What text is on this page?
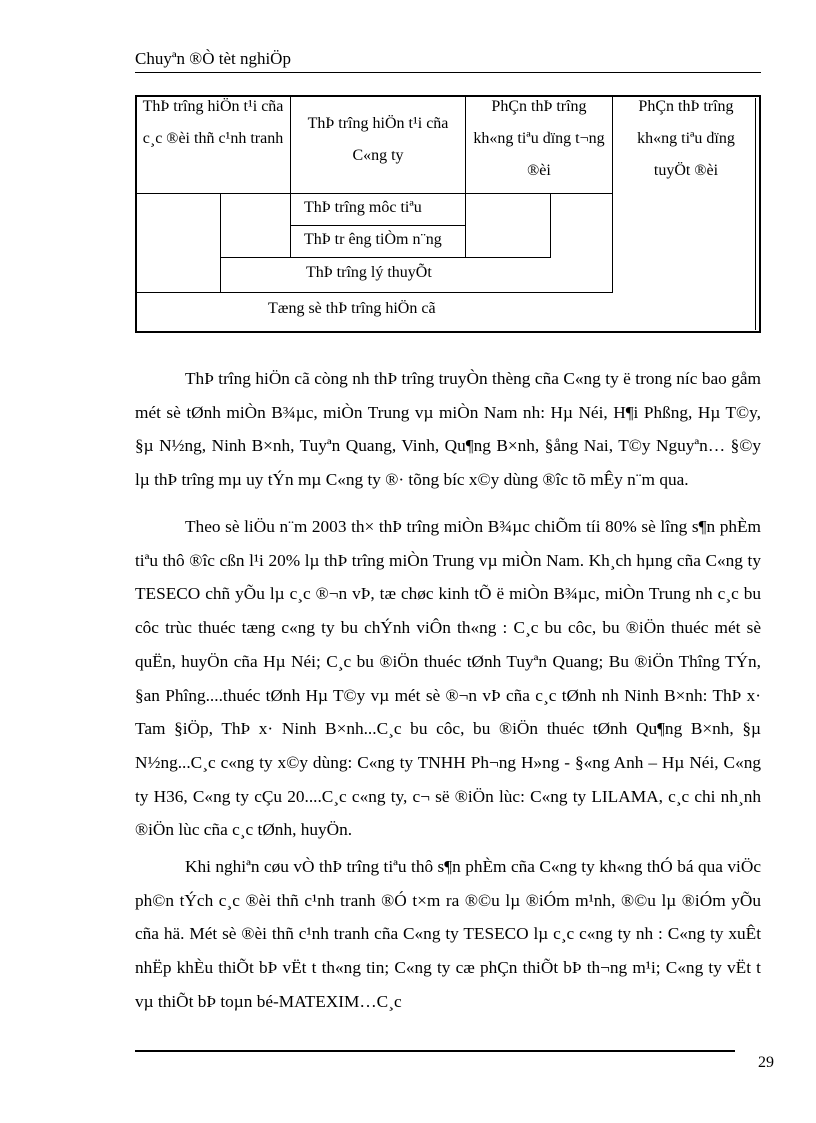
Chuyªn ®Ò tèt nghiÖp
ThÞ trîng hiÖn t¹i cña c¸c ®èi thñ c¹nh tranh
ThÞ trîng hiÖn t¹i cña C«ng ty
PhÇn thÞ trîng kh«ng tiªu dïng t¬ng ®èi
PhÇn thÞ trîng kh«ng tiªu dïng tuyÖt ®èi
ThÞ trîng môc tiªu
ThÞ tr êng tiÒm n¨ng
ThÞ trîng lý thuyÕt
Tæng sè thÞ trîng hiÖn cã

ThÞ trîng hiÖn cã còng nh thÞ trîng truyÒn thèng cña C«ng ty ë trong níc bao gåm mét sè tØnh miÒn B¾µc, miÒn Trung vµ miÒn Nam nh: Hµ Néi, H¶i Phßng, Hµ T©y, §µ N½ng, Ninh B×nh, Tuyªn Quang, Vinh, Qu¶ng B×nh, §ång Nai, T©y Nguyªn… §©y lµ thÞ trîng mµ uy tÝn mµ C«ng ty ®· tõng bíc x©y dùng ®îc tõ mÊy n¨m qua.

Theo sè liÖu n¨m 2003 th× thÞ trîng miÒn B¾µc chiÕm tíi 80% sè lîng s¶n phÈm tiªu thô ®îc cßn l¹i 20% lµ thÞ trîng miÒn Trung vµ miÒn Nam. Kh¸ch hµng cña C«ng ty TESECO chñ yÕu lµ c¸c ®¬n vÞ, tæ chøc kinh tÕ ë miÒn B¾µc, miÒn Trung nh c¸c bu côc trùc thuéc tæng c«ng ty bu chÝnh viÔn th«ng : C¸c bu côc, bu ®iÖn thuéc mét sè quËn, huyÖn cña Hµ Néi; C¸c bu ®iÖn thuéc tØnh Tuyªn Quang; Bu ®iÖn Thîng TÝn, §an Phîng....thuéc tØnh Hµ T©y vµ mét sè ®¬n vÞ cña c¸c tØnh nh Ninh B×nh: ThÞ x· Tam §iÖp, ThÞ x· Ninh B×nh...C¸c bu côc, bu ®iÖn thuéc tØnh Qu¶ng B×nh, §µ N½ng...C¸c c«ng ty x©y dùng: C«ng ty TNHH Ph¬ng H»ng - §«ng Anh – Hµ Néi, C«ng ty H36, C«ng ty cÇu 20....C¸c c«ng ty, c¬ së ®iÖn lùc: C«ng ty LILAMA, c¸c chi nh¸nh ®iÖn lùc cña c¸c tØnh, huyÖn.

Khi nghiªn cøu vÒ thÞ trîng tiªu thô s¶n phÈm cña C«ng ty kh«ng thÓ bá qua viÖc ph©n tÝch c¸c ®èi thñ c¹nh tranh ®Ó t×m ra ®©u lµ ®iÓm m¹nh, ®©u lµ ®iÓm yÕu cña hä. Mét sè ®èi thñ c¹nh tranh cña C«ng ty TESECO lµ c¸c c«ng ty nh : C«ng ty xuÊt nhËp khÈu thiÕt bÞ vËt t th«ng tin; C«ng ty cæ phÇn thiÕt bÞ th¬ng m¹i; C«ng ty vËt t vµ thiÕt bÞ toµn bé-MATEXIM…C¸c

29
